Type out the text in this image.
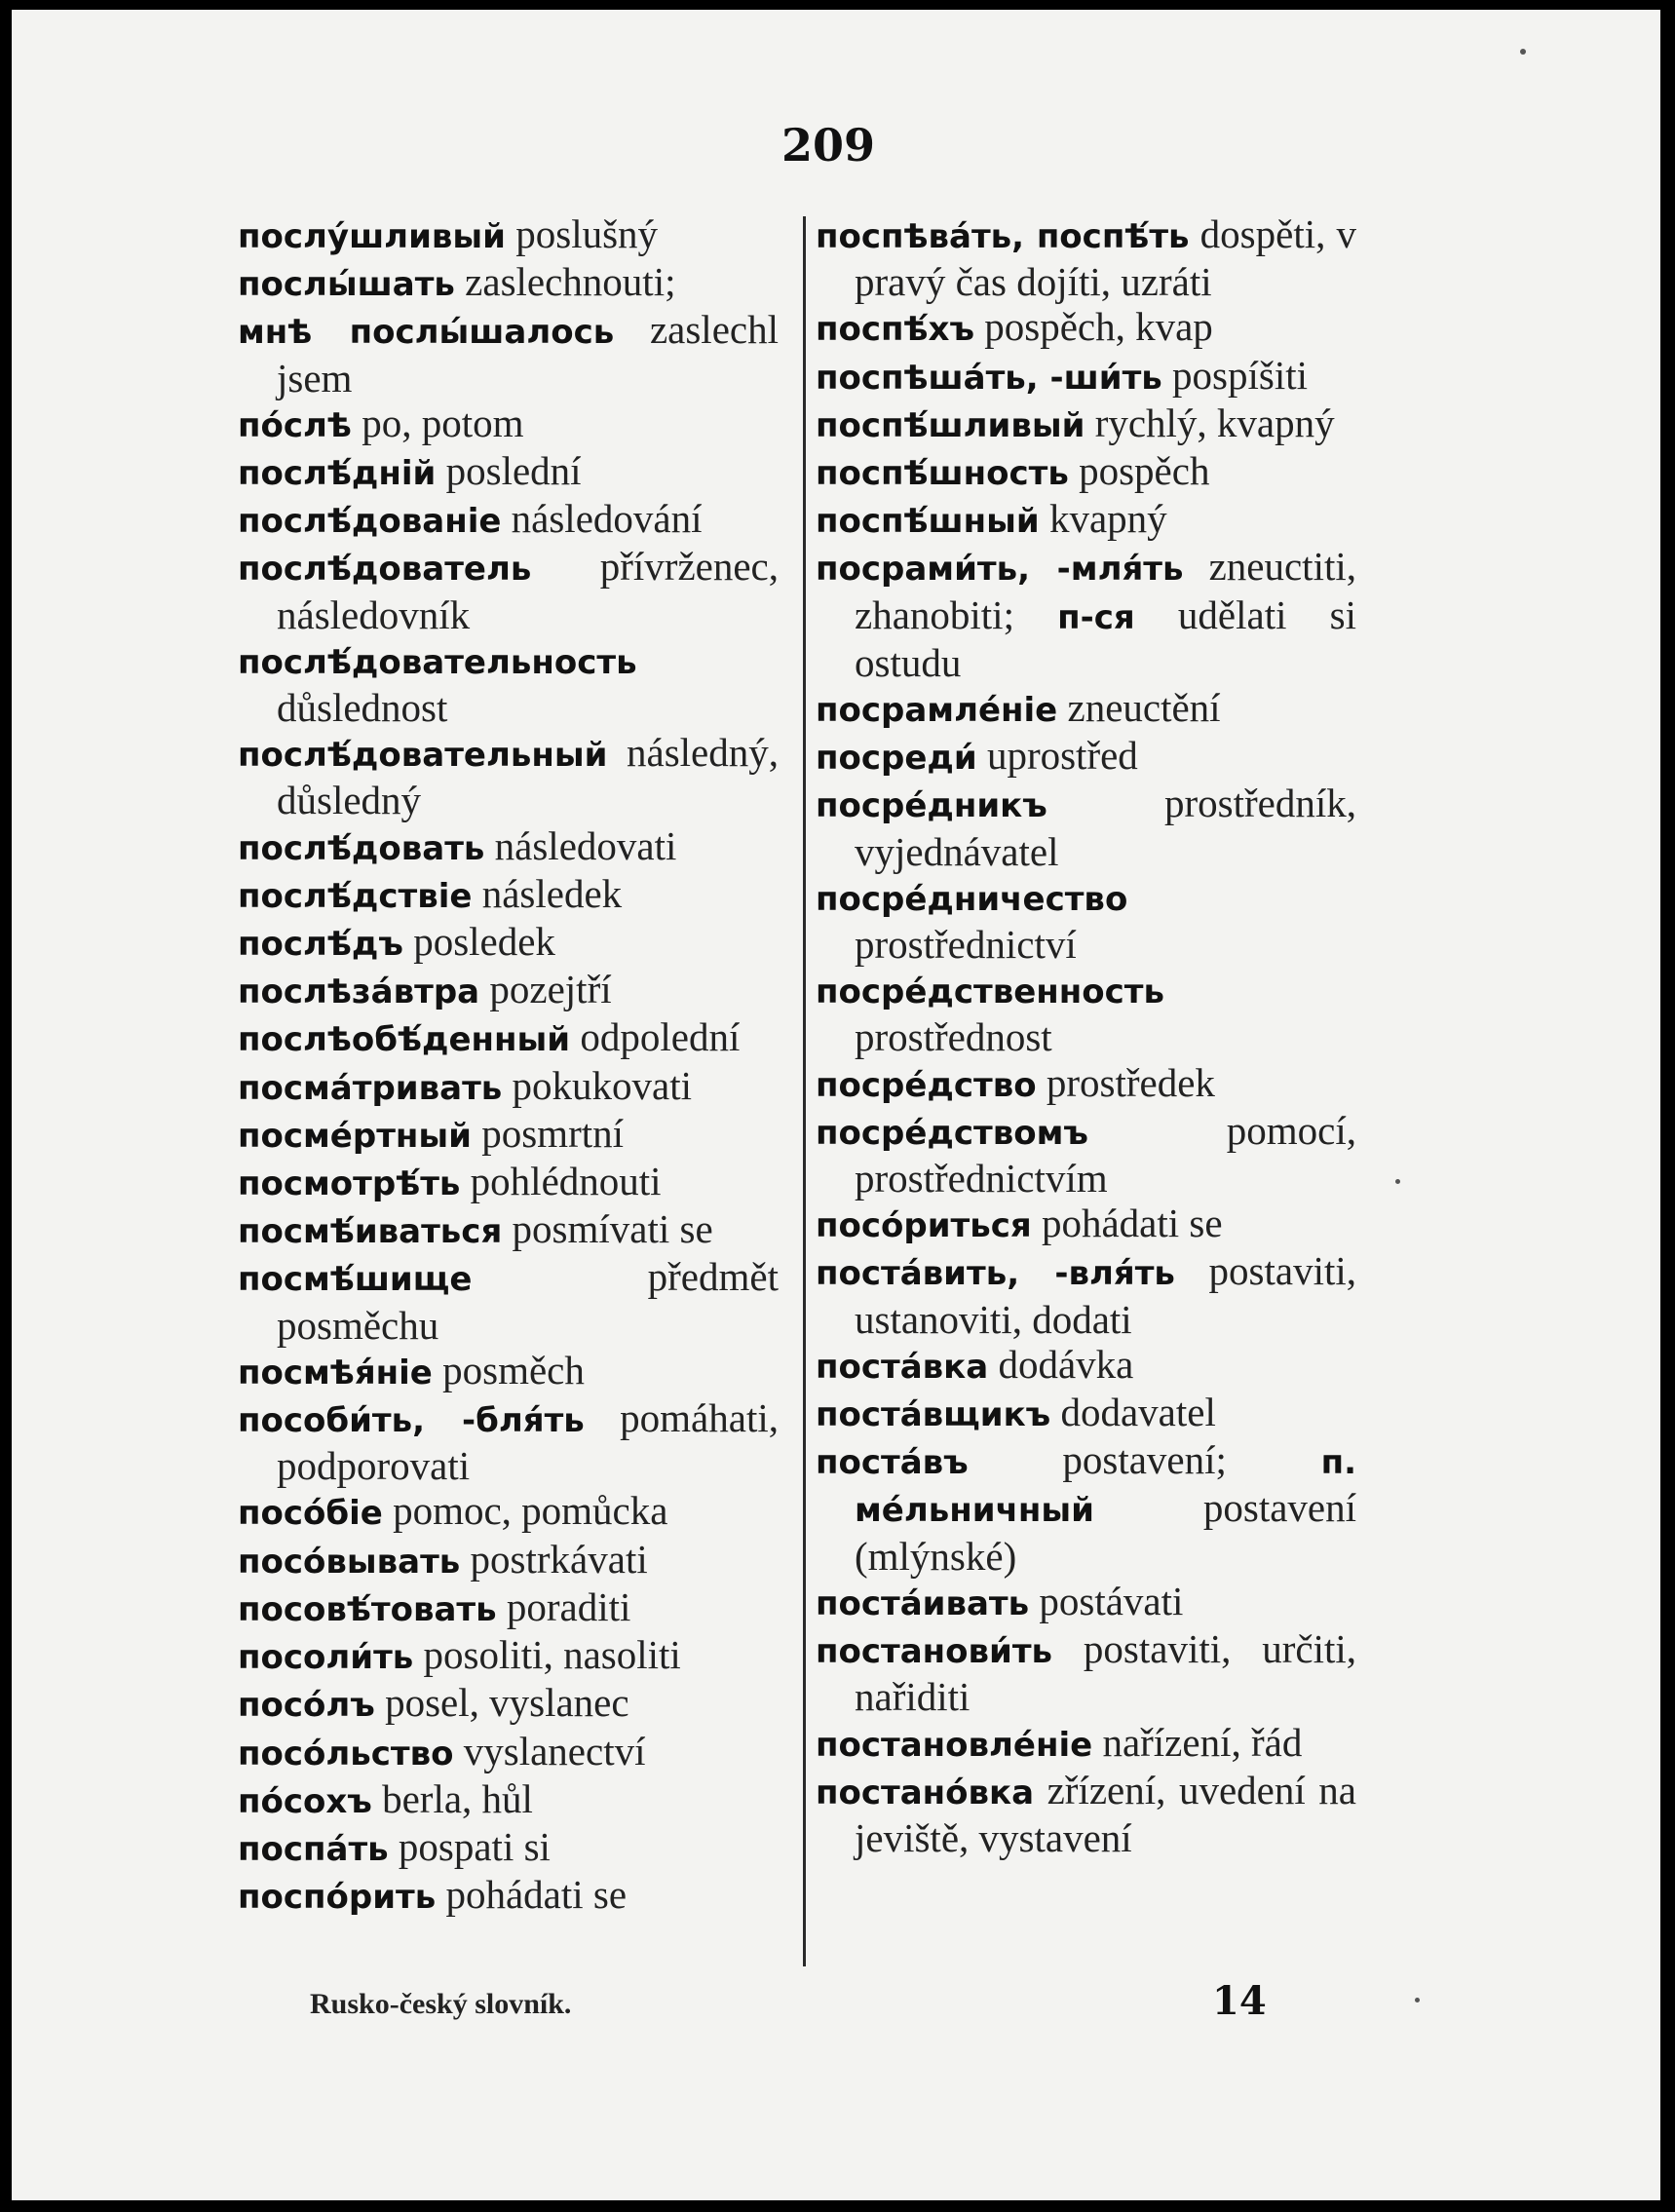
209

послу́шливый poslušný

послы́шать zaslechnouti;

мнѣ послы́шалось zaslechl jsem

по́слѣ po, potom

послѣ́днiй poslední

послѣ́дованie následování

послѣ́дователь přívrženec, následovník

послѣ́довательность důslednost

послѣ́довательный následný, důsledný

послѣ́довать následovati

послѣ́дствiе následek

послѣ́дъ posledek

послѣза́втра pozejtří

послѣобѣ́денный odpolední

посма́тривать pokukovati

посме́ртный posmrtní

посмотрѣ́ть pohlédnouti

посмѣ́иваться posmívati se

посмѣ́шище předmět posměchu

посмѣя́нie posměch

пособи́ть, -бля́ть pomáhati, podporovati

посо́бiе pomoc, pomůcka

посо́вывать postrkávati

посовѣ́товать poraditi

посоли́ть posoliti, nasoliti

посо́лъ posel, vyslanec

посо́льство vyslanectví

по́сохъ berla, hůl

поспа́ть pospati si

поспо́рить pohádati se

поспѣва́ть, поспѣ́ть dospěti, v pravý čas dojíti, uzráti

поспѣ́хъ pospěch, kvap

поспѣша́ть, -ши́ть pospíšiti

поспѣ́шливый rychlý, kvapný

поспѣ́шность pospěch

поспѣ́шный kvapný

посрами́ть, -мля́ть zneuctiti, zhanobiti; п-ся udělati si ostudu

посрамле́нie zneuctění

посреди́ uprostřed

посре́дникъ prostředník, vyjednávatel

посре́дничество prostřednictví

посре́дственность prostřednost

посре́дство prostředek

посре́дствомъ pomocí, prostřednictvím

посо́риться pohádati se

поста́вить, -вля́ть postaviti, ustanoviti, dodati

поста́вка dodávka

поста́вщикъ dodavatel

поста́въ postavení; п. ме́льничный postavení (mlýnské)

поста́ивать postávati

постанови́ть postaviti, určiti, nařiditi

постановле́нie nařízení, řád

постано́вка zřízení, uvedení na jeviště, vystavení

Rusko-český slovník.	14
